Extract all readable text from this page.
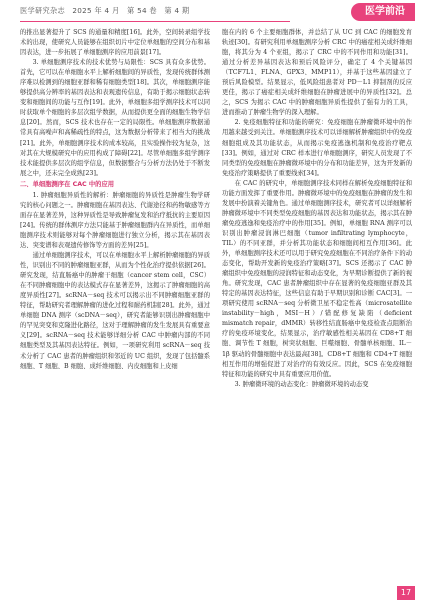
医学研究杂志　2025 年 4 月　第 54 卷　第 4 期	医学前沿

的推出显著提升了 SCS 的通量和精度[16]。此外，空间转录组学技术的出现，使研究人员能够在组织切片中定位单细胞的空间分布和基因表达，进一步拓展了单细胞测序的应用前景[17]。

3. 单细胞测序技术的技术优势与局限性：SCS 具有众多优势。首先，它可以在单细胞水平上解析细胞间的异质性，发现传统群体测序难以检测到的细胞亚群和稀有细胞类型[18]。其次，单细胞测序能够提供高分辨率的基因表达和表观遗传信息，有助于揭示细胞状态转变和细胞间的功能与互作[19]。此外，单细胞多组学测序技术可以同时获取单个细胞的多层次组学数据，从而提供更全面的细胞生物学信息[20]。然而，SCS 技术也存在一定的局限性。单细胞测序数据通常具有高噪声和高稀疏性的特点，这为数据分析带来了相当大的挑战[21]。此外，单细胞测序技术的成本较高，且实验操作较为复杂，这对其在大规模研究中的应用构成了障碍[22]。尽管单细胞多组学测序技术能提供多层次的组学信息，但数据整合与分析方法仍处于不断发展之中，还未完全成熟[23]。

二、单细胞测序在 CAC 中的应用

1. 肿瘤细胞异质性的解析：肿瘤细胞的异质性是肿瘤生物学研究的核心问题之一。肿瘤细胞在基因表达、代谢途径和药物敏感等方面存在显著差异，这种异质性是导致肿瘤复发和治疗抵抗的主要原因[24]。传统的群体测序方法只能基于肿瘤细胞群内在异质性，而单细胞测序技术则能够对每个肿瘤细胞进行独立分析，揭示其在基因表达、突变谱和表观遗传修饰等方面的差异[25]。

通过单细胞测序技术，可以在单细胞水平上解析肿瘤细胞的异质性，识别出不同的肿瘤细胞亚群，从而为个性化治疗提供依据[26]。研究发现，结直肠癌中的肿瘤干细胞（cancer stem cell，CSC）在不同肿瘤细胞中的表达模式存在显著差异，这揭示了肿瘤细胞的高度异质性[27]。scRNA－seq 技术可以揭示出不同肿瘤细胞亚群的特征，帮助研究者理解肿瘤的进化过程和耐药机制[28]。此外，通过单细胞 DNA 测序（scDNA－seq），研究者能够识别出肿瘤细胞中的罕见突变和克隆进化路径，这对于理解肿瘤的发生发展具有重要意义[29]。scRNA－seq 技术能够详细分析 CAC 中肿瘤内部的不同细胞类型及其基因表达特征。例如，一项研究利用 scRNA－seq 技术分析了 CAC 患者的肿瘤组织和邻近的 UC 组织，发现了包括髓系细胞、T 细胞、B 细胞、成纤维细胞、内皮细胞和上皮细

胞在内的 6 个主要细胞群体，并总结了从 UC 到 CAC 的细胞发育轨迹[30]。有研究利用单细胞测序分析 CRC 中的癌症相关成纤维细胞，将其分为 4 个亚组，揭示了 CRC 中的不同作用和功能[31]。通过分析差异基因表达和预后风险评分，确定了 4 个关键基因（TCF7L1、FLNA、GPX3、MMP11），并基于这些基因建立了预后风险模型。结果显示，低风险组患者对 PD－L1 抑制剂的反应更佳，揭示了癌症相关成纤维细胞在肿瘤进展中的异质性[32]。总之，SCS 为揭示 CAC 中的肿瘤细胞异质性提供了强有力的工具，进而推动了肿瘤生物学的深入理解。

2. 免疫细胞特征和功能的研究：免疫细胞在肿瘤微环境中的作用越来越受到关注。单细胞测序技术可以详细解析肿瘤组织中的免疫细胞组成及其功能状态，从而揭示免疫逃逸机制和免疫治疗靶点[33]。例如，通过对 CRC 样本进行单细胞测序，研究人员发现了不同类型的免疫细胞在肿瘤微环境中的分布和功能差异，这为开发新的免疫治疗策略提供了重要线索[34]。

在 CAC 的研究中，单细胞测序技术同样在解析免疫细胞特征和功能方面发挥了重要作用。肿瘤微环境中的免疫细胞在肿瘤的发生和发展中扮演着关键角色。通过单细胞测序技术，研究者可以详细解析肿瘤微环境中不同类型免疫细胞的基因表达和功能状态，揭示其在肿瘤免疫逃逸和免疫治疗中的作用[35]。例如，单细胞 RNA 测序可以识别出肿瘤浸润淋巴细胞（tumor infiltrating lymphocyte，TIL）的不同亚群，并分析其功能状态和细胞间相互作用[36]。此外，单细胞测序技术还可以用于研究免疫细胞在不同治疗条件下的动态变化，帮助开发新的免疫治疗策略[37]。SCS 还揭示了 CAC 肿瘤组织中免疫细胞的浸润特征和动态变化，为早期诊断提供了新的视角。研究发现，CAC 患者肿瘤组织中存在显著的免疫细胞亚群及其特定的基因表达特征，这些信息有助于早期识别和诊断 CAC[3]。一项研究使用 scRNA－seq 分析微卫星不稳定性高（microsatellite instability－high，MSI－H）/错配修复缺陷（deficient mismatch repair，dMMR）转移性结直肠癌中免疫检查点阻断治疗的免疫环境变化，结果显示，治疗敏感性相关基因在 CD8+T 细胞、调节性 T 细胞，树突状细胞、巨噬细胞、骨髓单核细胞、IL－1β 驱动的骨髓细胞中表达最高[38]。CD8+T 细胞和 CD4+T 细胞相互作用的增强促进了对治疗的有效反应。因此，SCS 在免疫细胞特征和功能的研究中具有重要应用价值。

3. 肿瘤微环境的动态变化：肿瘤微环境的动态变

17
